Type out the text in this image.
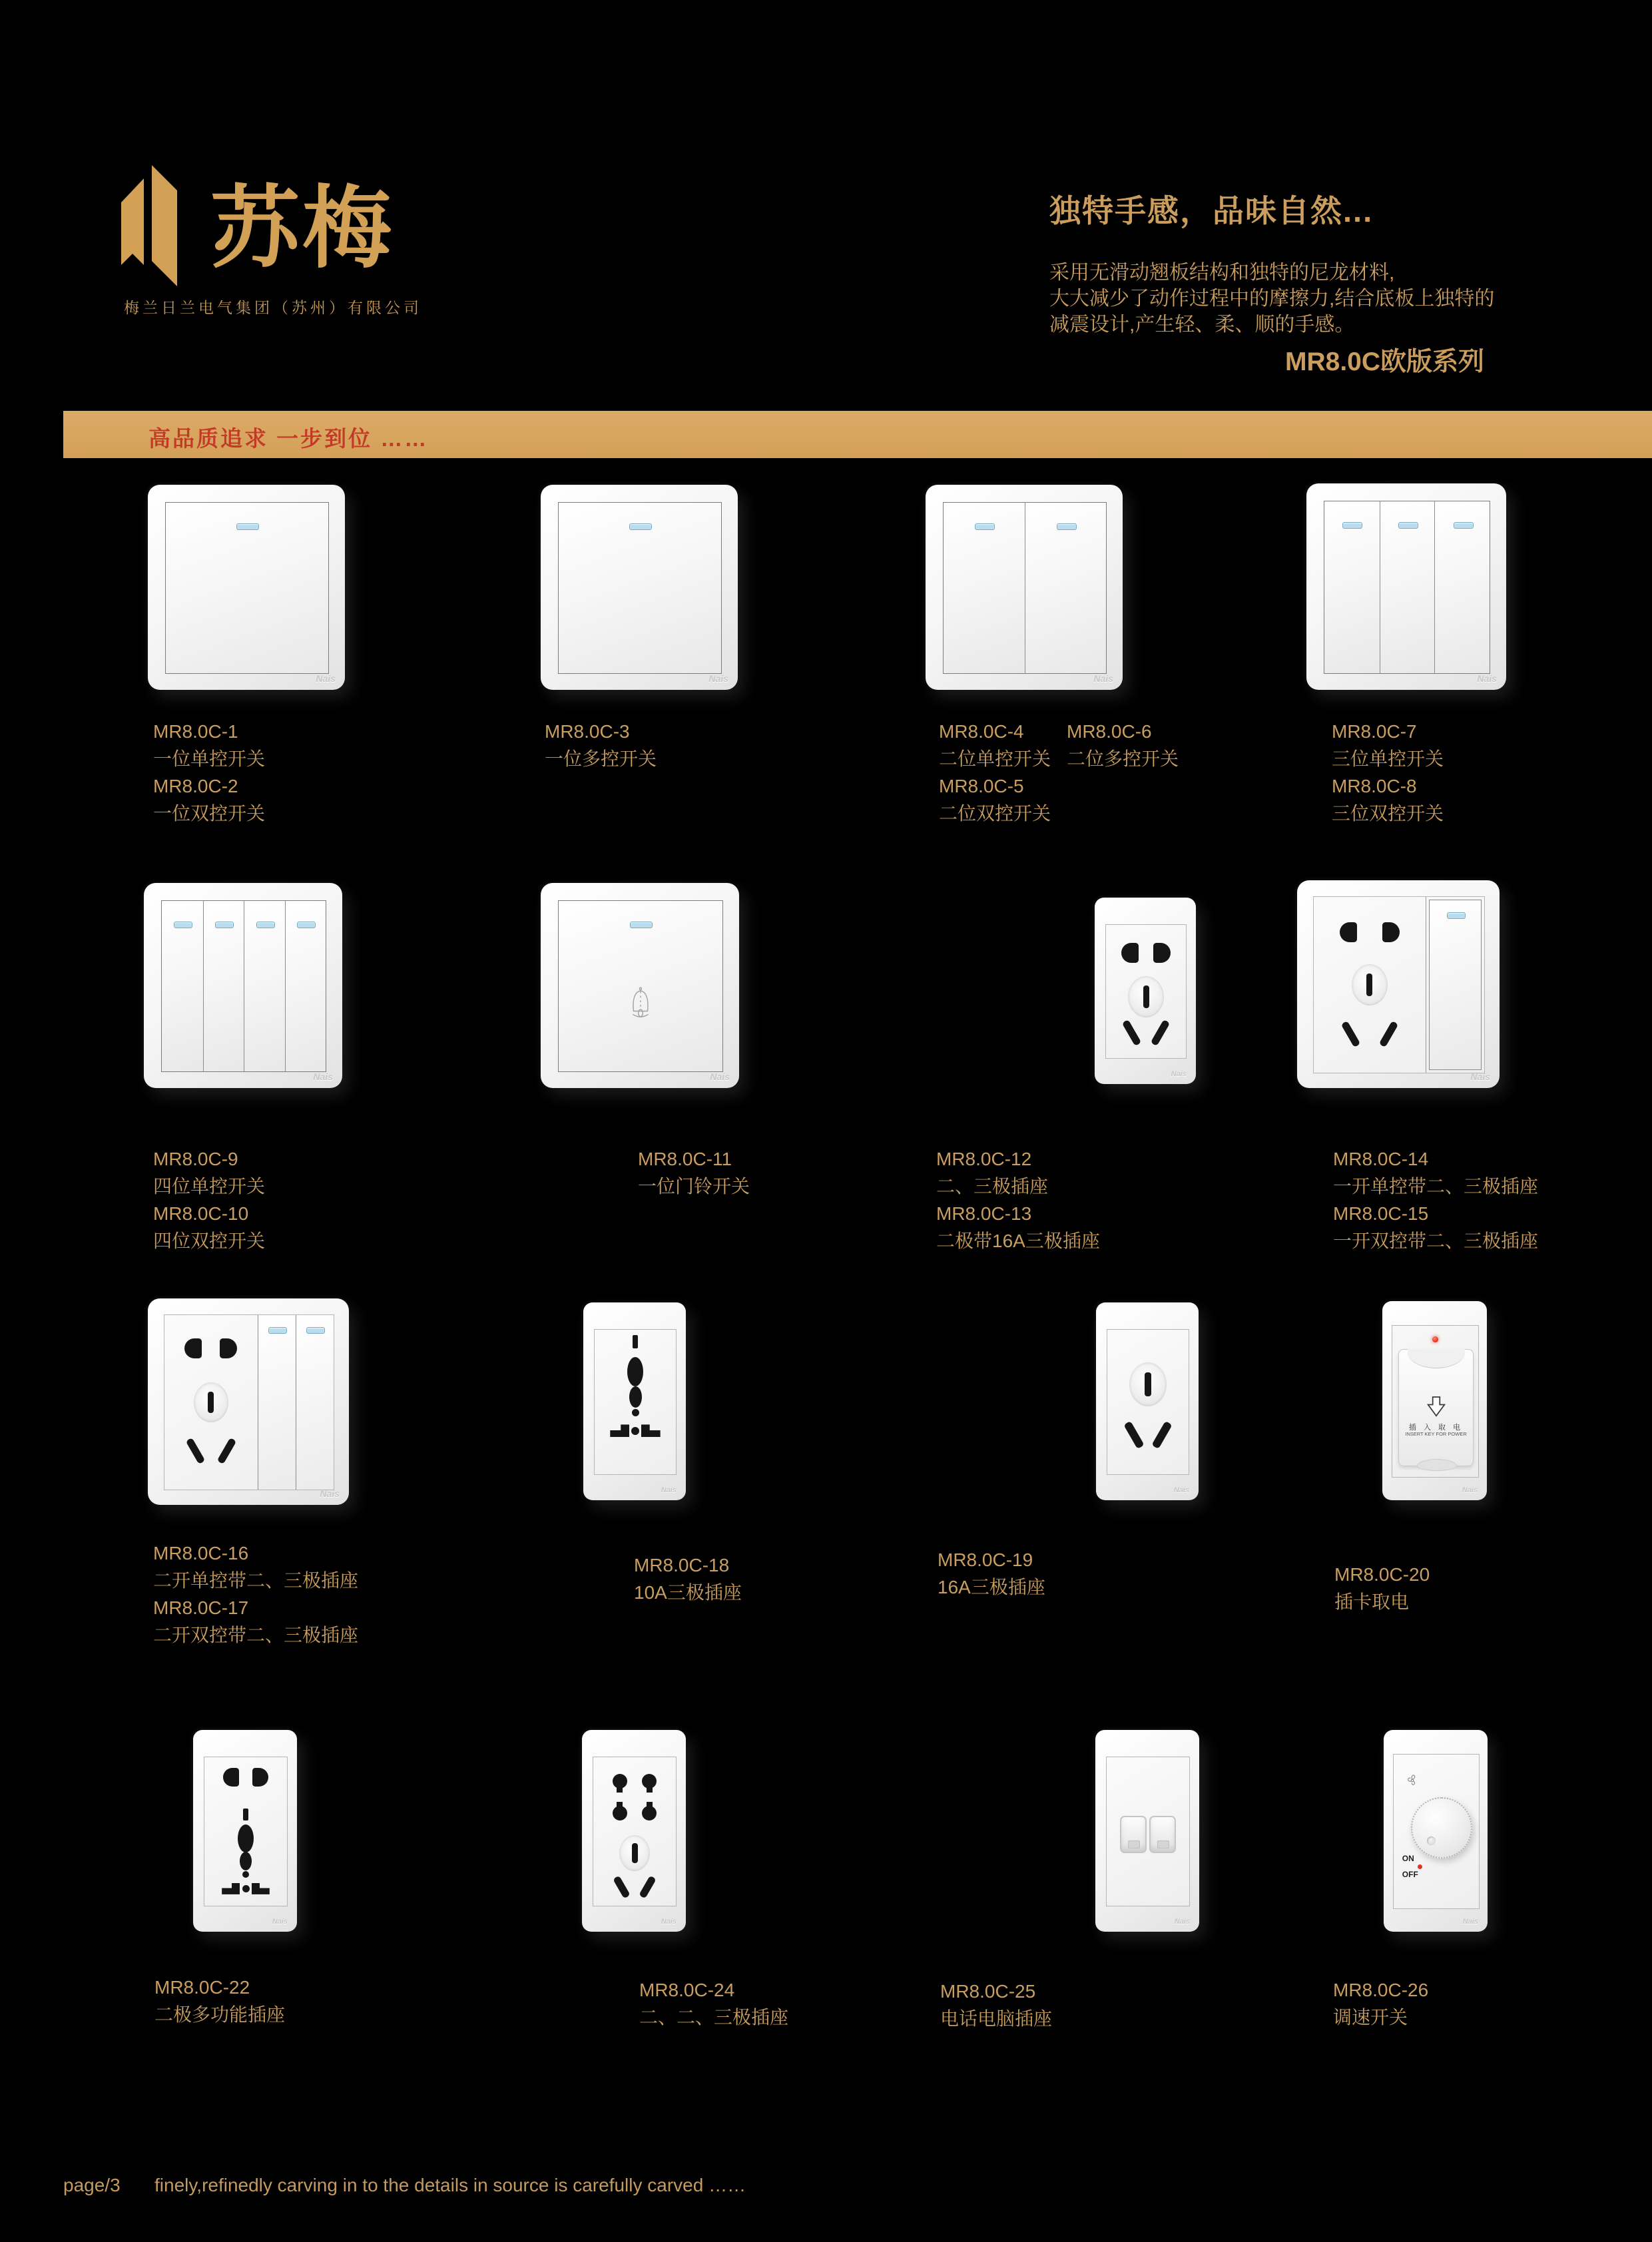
苏梅
梅兰日兰电气集团（苏州）有限公司
独特手感，品味自然...
采用无滑动翘板结构和独特的尼龙材料,
大大减少了动作过程中的摩擦力,结合底板上独特的
减震设计,产生轻、柔、顺的手感。
MR8.0C欧版系列
高品质追求 一步到位 ……
Nais
MR8.0C-1
一位单控开关
MR8.0C-2
一位双控开关
Nais
MR8.0C-3
一位多控开关
Nais
MR8.0C-4
二位单控开关
MR8.0C-5
二位双控开关
MR8.0C-6
二位多控开关
Nais
MR8.0C-7
三位单控开关
MR8.0C-8
三位双控开关
Nais
MR8.0C-9
四位单控开关
MR8.0C-10
四位双控开关
Nais
MR8.0C-11
一位门铃开关
Nais
MR8.0C-12
二、三极插座
MR8.0C-13
二极带16A三极插座
Nais
MR8.0C-14
一开单控带二、三极插座
MR8.0C-15
一开双控带二、三极插座
Nais
MR8.0C-16
二开单控带二、三极插座
MR8.0C-17
二开双控带二、三极插座
Nais
MR8.0C-18
10A三极插座
Nais
MR8.0C-19
16A三极插座
插 入 取 电
INSERT KEY FOR POWER
Nais
MR8.0C-20
插卡取电
Nais
MR8.0C-22
二极多功能插座
Nais
MR8.0C-24
二、二、三极插座
Nais
MR8.0C-25
电话电脑插座
ON
OFF
Nais
MR8.0C-26
调速开关
page/3 finely,refinedly carving in to the details in source is carefully carved ……
